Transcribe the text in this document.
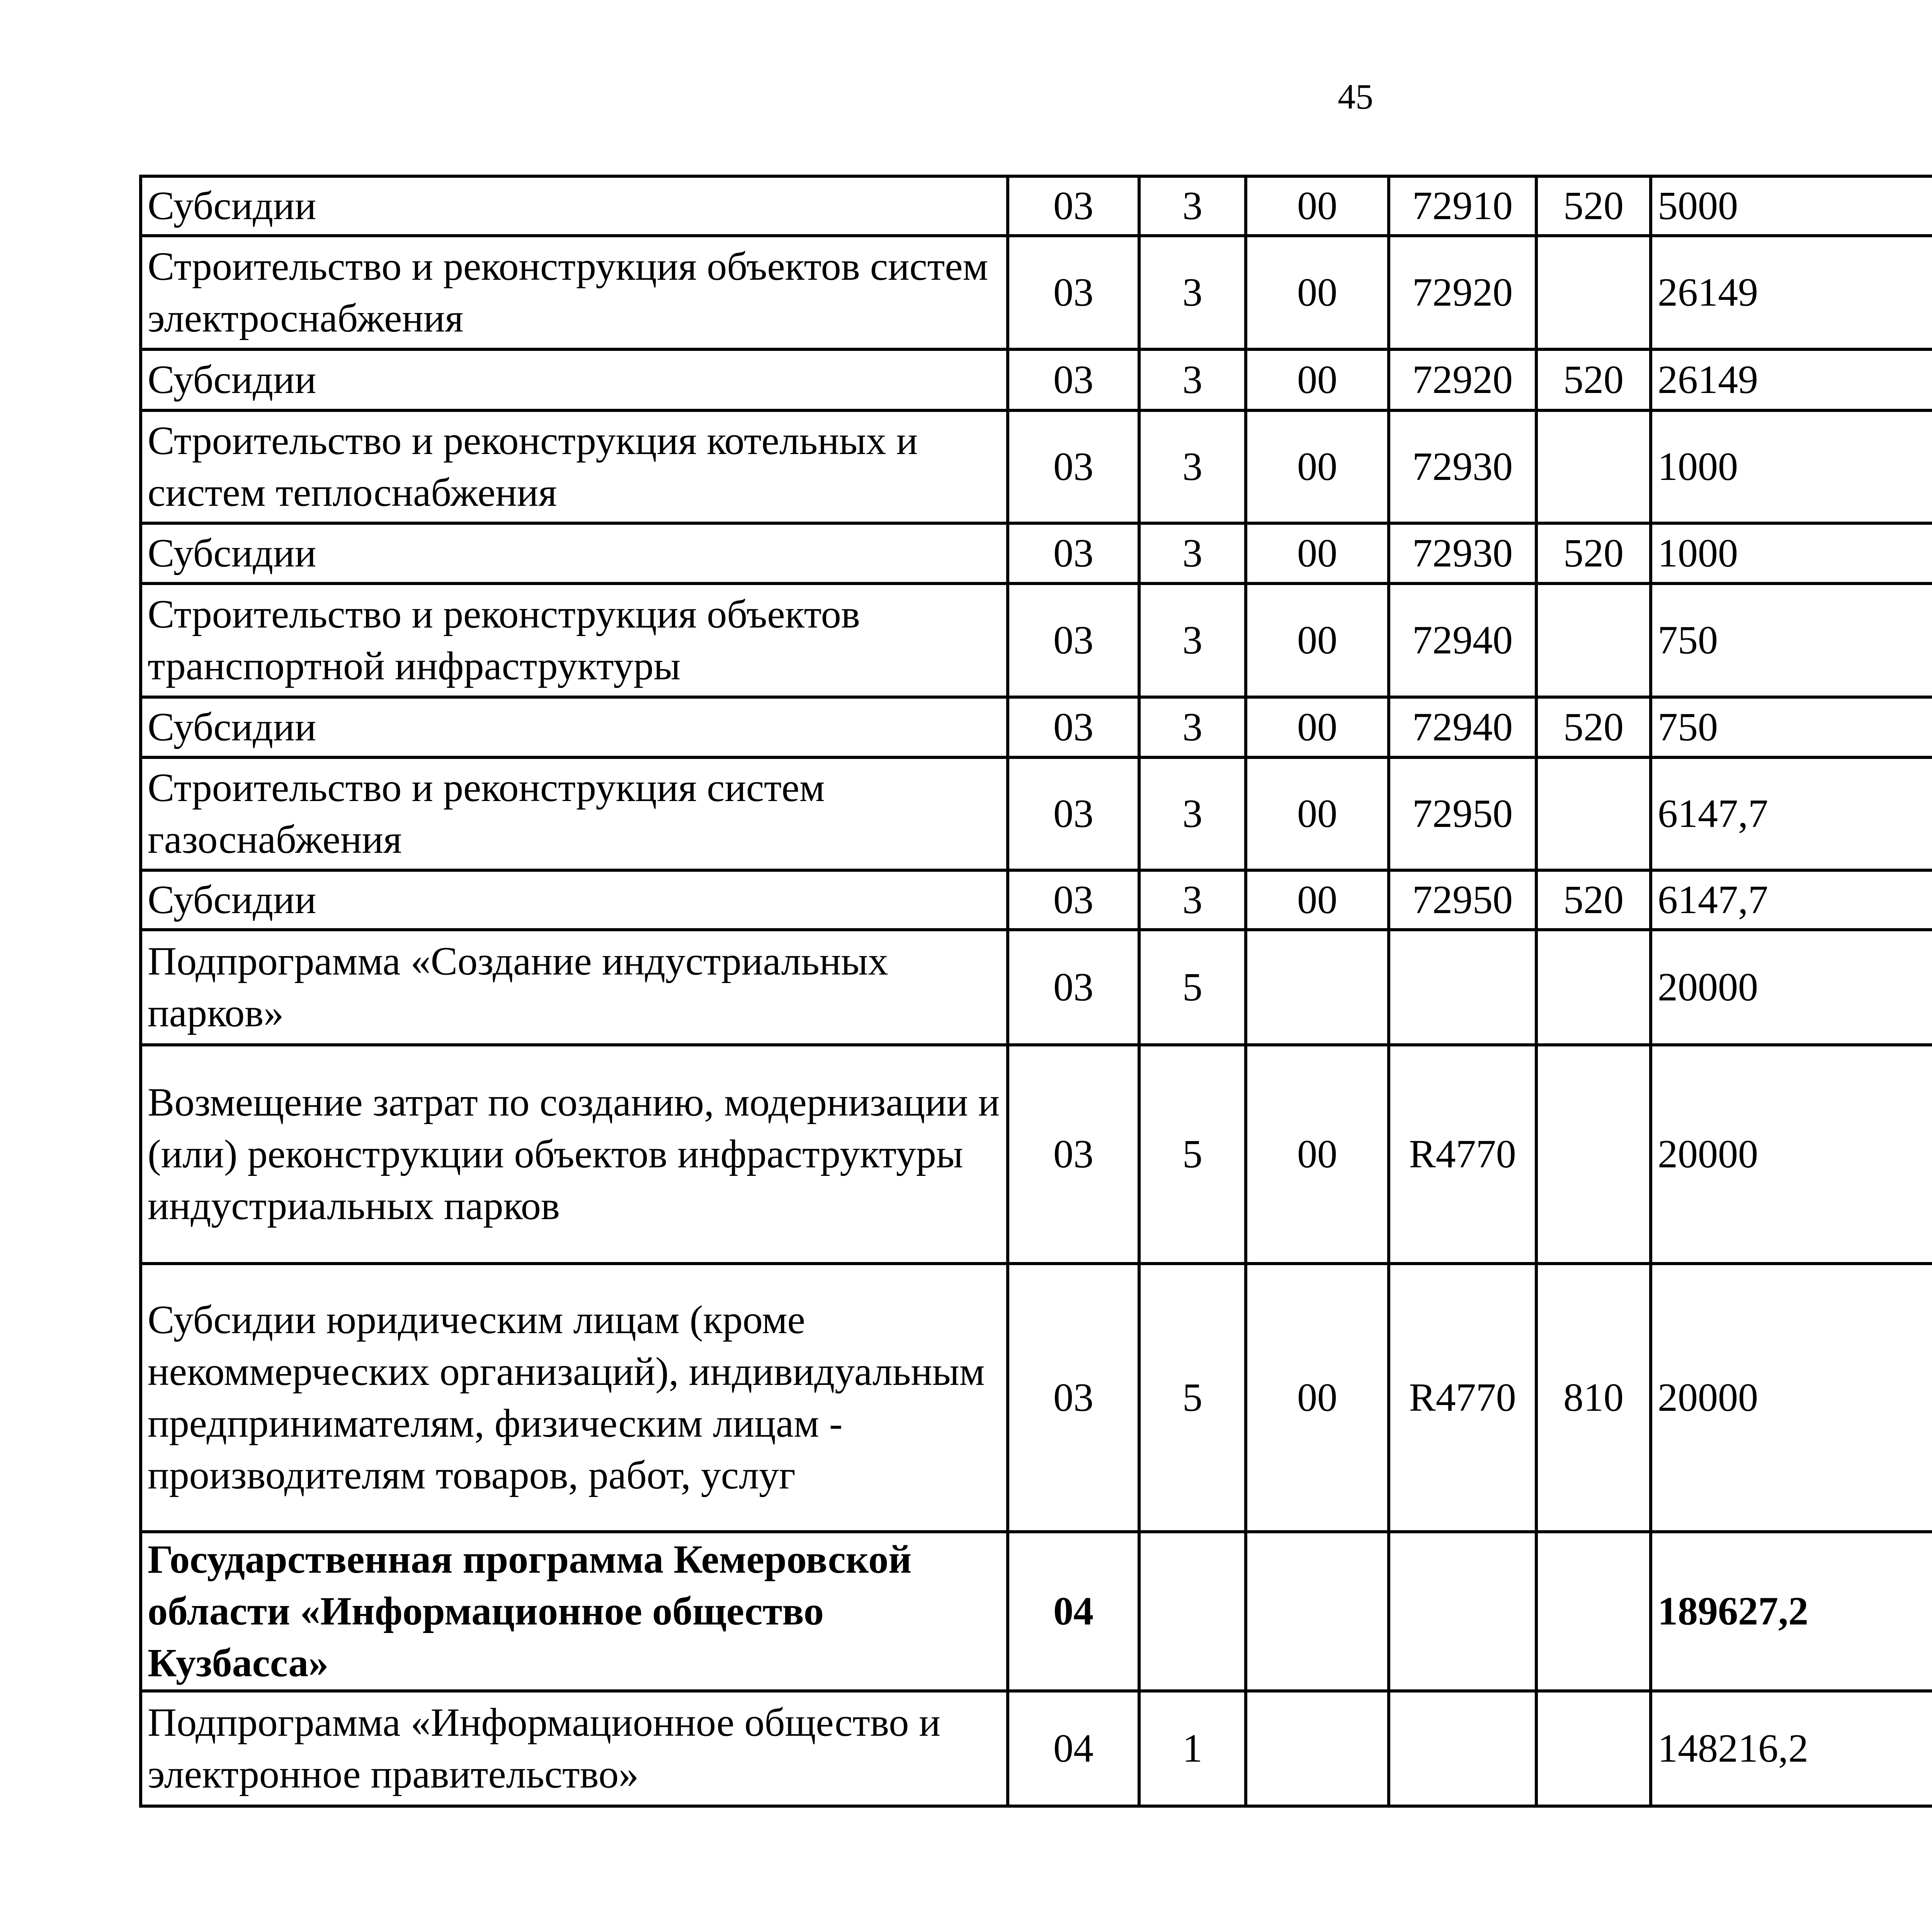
45
Субсидии	03	3	00	72910	520	5000		
Строительство и реконструкция объектов систем электроснабжения	03	3	00	72920		26149		
Субсидии	03	3	00	72920	520	26149		
Строительство и реконструкция котельных и систем теплоснабжения	03	3	00	72930		1000		
Субсидии	03	3	00	72930	520	1000		
Строительство и реконструкция объектов транспортной инфраструктуры	03	3	00	72940		750		
Субсидии	03	3	00	72940	520	750		
Строительство и реконструкция систем газоснабжения	03	3	00	72950		6147,7		
Субсидии	03	3	00	72950	520	6147,7		
Подпрограмма «Создание индустриальных парков»	03	5				20000		
Возмещение затрат по созданию, модернизации и (или) реконструкции объектов инфраструктуры индустриальных парков	03	5	00	R4770		20000		
Субсидии юридическим лицам (кроме некоммерческих организаций), индивидуальным предпринимателям, физическим лицам - производителям товаров, работ, услуг	03	5	00	R4770	810	20000		
Государственная программа Кемеровской области «Информационное общество Кузбасса»	04					189627,2		
Подпрограмма «Информационное общество и электронное правительство»	04	1				148216,2		
